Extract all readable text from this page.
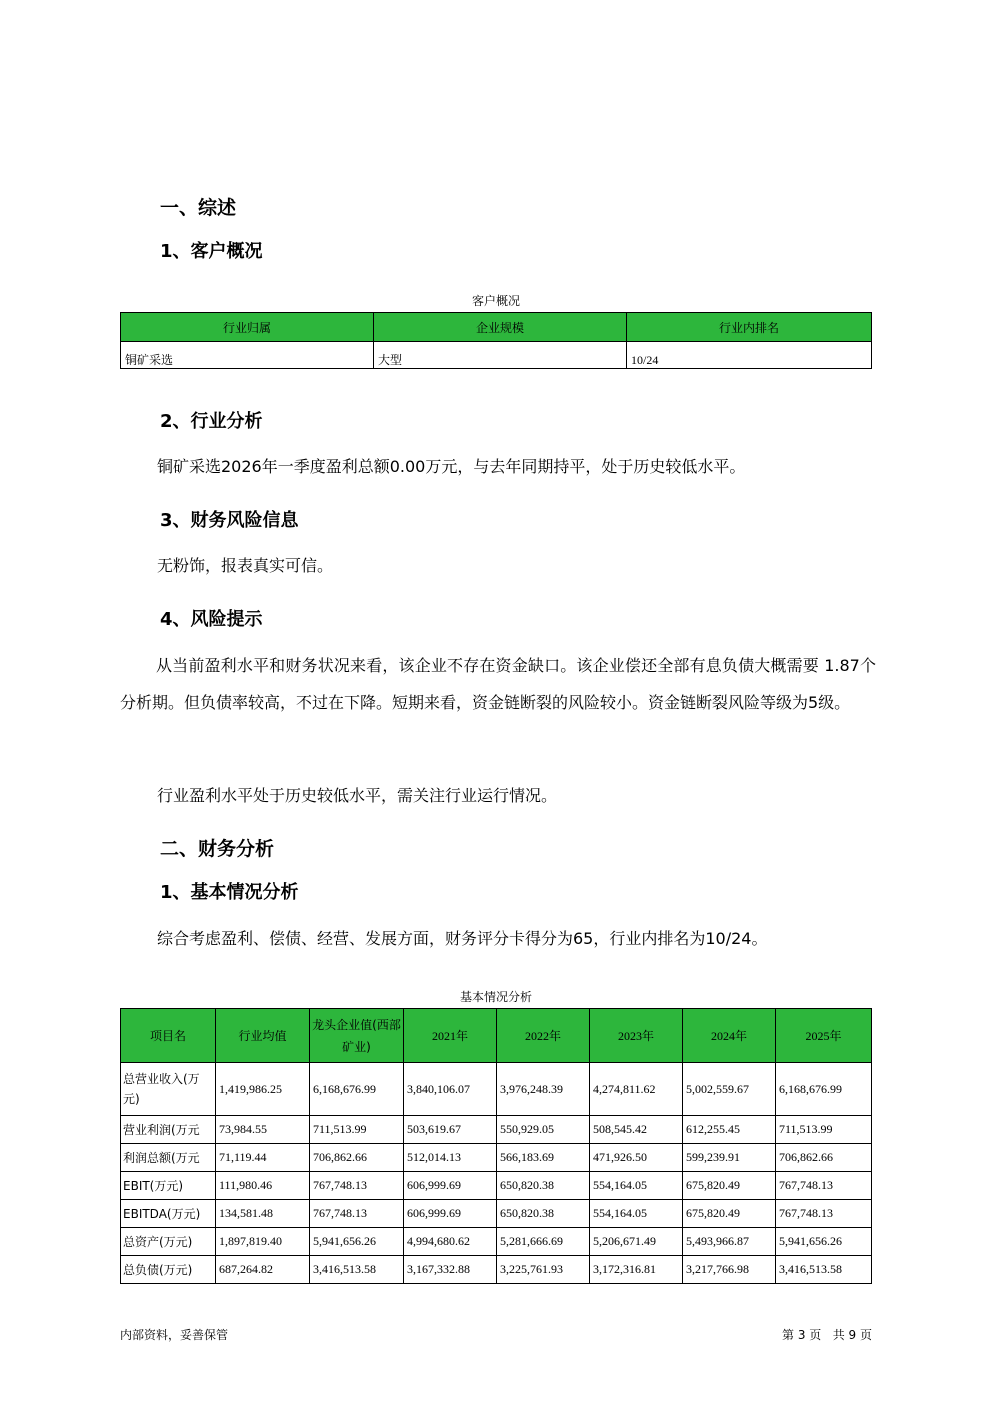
一、综述
1、客户概况
客户概况
行业归属	企业规模	行业内排名
铜矿采选	大型	10/24
2、行业分析
铜矿采选2026年一季度盈利总额0.00万元，与去年同期持平，处于历史较低水平。
3、财务风险信息
无粉饰，报表真实可信。
4、风险提示
从当前盈利水平和财务状况来看，该企业不存在资金缺口。该企业偿还全部有息负债大概需要 1.87个分析期。但负债率较高，不过在下降。短期来看，资金链断裂的风险较小。资金链断裂风险等级为5级。
行业盈利水平处于历史较低水平，需关注行业运行情况。
二、财务分析
1、基本情况分析
综合考虑盈利、偿债、经营、发展方面，财务评分卡得分为65，行业内排名为10/24。
基本情况分析
项目名	行业均值	龙头企业值(西部矿业)	2021年	2022年	2023年	2024年	2025年
总营业收入(万元)	1,419,986.25	6,168,676.99	3,840,106.07	3,976,248.39	4,274,811.62	5,002,559.67	6,168,676.99
营业利润(万元	73,984.55	711,513.99	503,619.67	550,929.05	508,545.42	612,255.45	711,513.99
利润总额(万元	71,119.44	706,862.66	512,014.13	566,183.69	471,926.50	599,239.91	706,862.66
EBIT(万元)	111,980.46	767,748.13	606,999.69	650,820.38	554,164.05	675,820.49	767,748.13
EBITDA(万元)	134,581.48	767,748.13	606,999.69	650,820.38	554,164.05	675,820.49	767,748.13
总资产(万元)	1,897,819.40	5,941,656.26	4,994,680.62	5,281,666.69	5,206,671.49	5,493,966.87	5,941,656.26
总负债(万元)	687,264.82	3,416,513.58	3,167,332.88	3,225,761.93	3,172,316.81	3,217,766.98	3,416,513.58
内部资料，妥善保管	第 3 页   共 9 页
